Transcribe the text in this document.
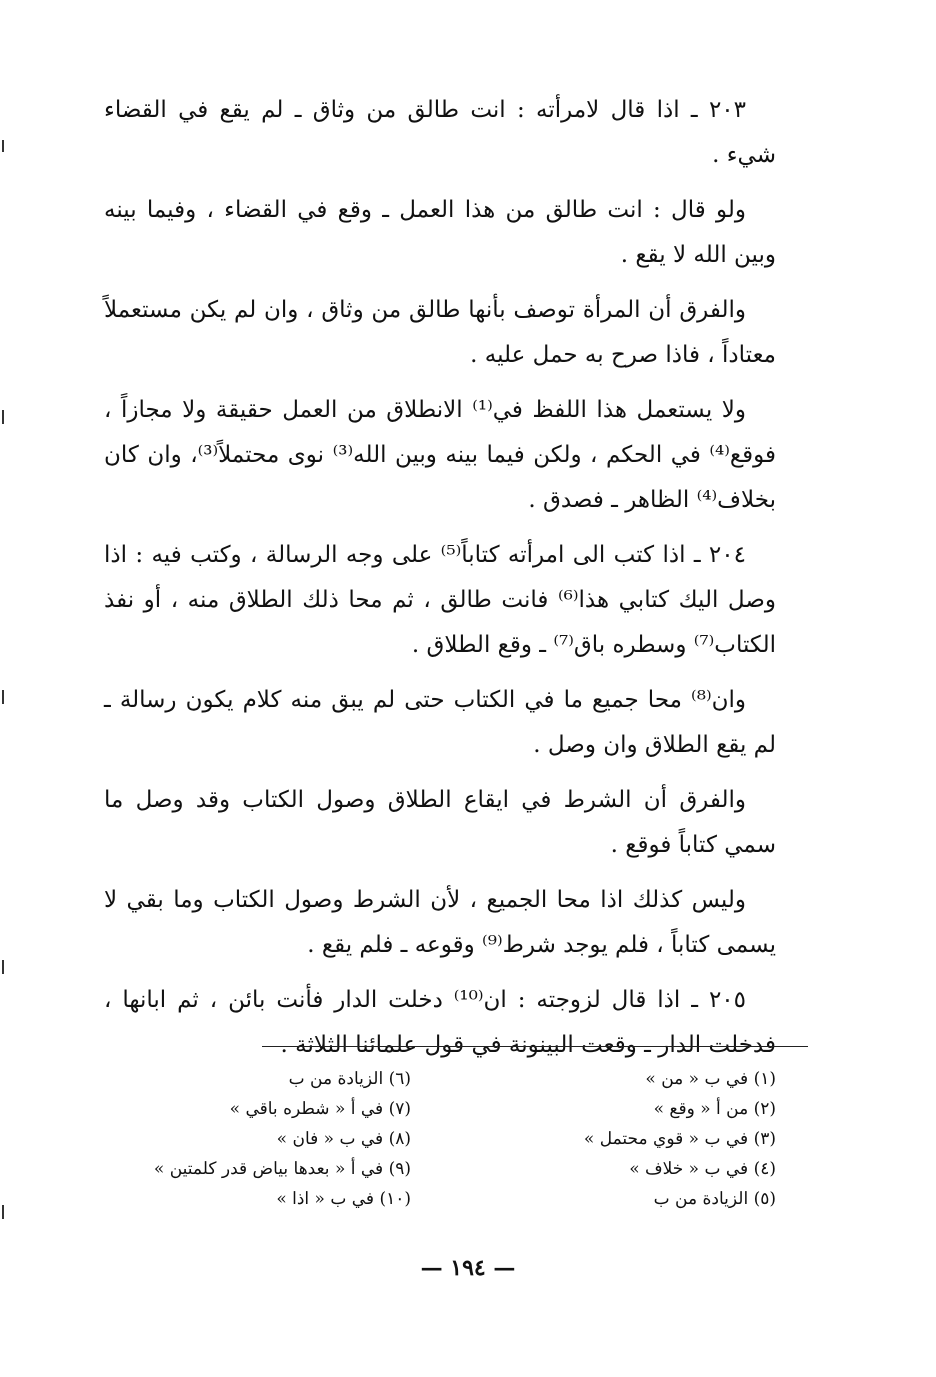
٢٠٣ ـ اذا قال لامرأته : انت طالق من وثاق ـ لم يقع في القضاء شيء .

ولو قال : انت طالق من هذا العمل ـ وقع في القضاء ، وفيما بينه وبين الله لا يقع .

والفرق أن المرأة توصف بأنها طالق من وثاق ، وان لم يكن مستعملاً معتاداً ، فاذا صرح به حمل عليه .

ولا يستعمل هذا اللفظ في⁽¹⁾ الانطلاق من العمل حقيقة ولا مجازاً ، فوقع⁽⁴⁾ في الحكم ، ولكن فيما بينه وبين الله⁽³⁾ نوى محتملاً⁽³⁾، وان كان بخلاف⁽⁴⁾ الظاهر ـ فصدق .

٢٠٤ ـ اذا كتب الى امرأته كتاباً⁽⁵⁾ على وجه الرسالة ، وكتب فيه : اذا وصل اليك كتابي هذا⁽⁶⁾ فانت طالق ، ثم محا ذلك الطلاق منه ، أو نفذ الكتاب⁽⁷⁾ وسطره باق⁽⁷⁾ ـ وقع الطلاق .

وان⁽⁸⁾ محا جميع ما في الكتاب حتى لم يبق منه كلام يكون رسالة ـ لم يقع الطلاق وان وصل .

والفرق أن الشرط في ايقاع الطلاق وصول الكتاب وقد وصل ما سمي كتاباً فوقع .

وليس كذلك اذا محا الجميع ، لأن الشرط وصول الكتاب وما بقي لا يسمى كتاباً ، فلم يوجد شرط⁽⁹⁾ وقوعه ـ فلم يقع .

٢٠٥ ـ اذا قال لزوجته : ان⁽¹⁰⁾ دخلت الدار فأنت بائن ، ثم ابانها ، فدخلت الدار ـ وقعت البينونة في قول علمائنا الثلاثة .

(١) في ب « من »
(٢) من أ « وقع »
(٣) في ب « قوي محتمل »
(٤) في ب « خلاف »
(٥) الزيادة من ب
(٦) الزيادة من ب
(٧) في أ « شطره باقي »
(٨) في ب « فان »
(٩) في أ « بعدها بياض قدر كلمتين »
(١٠) في ب « اذا »
— ١٩٤ —
